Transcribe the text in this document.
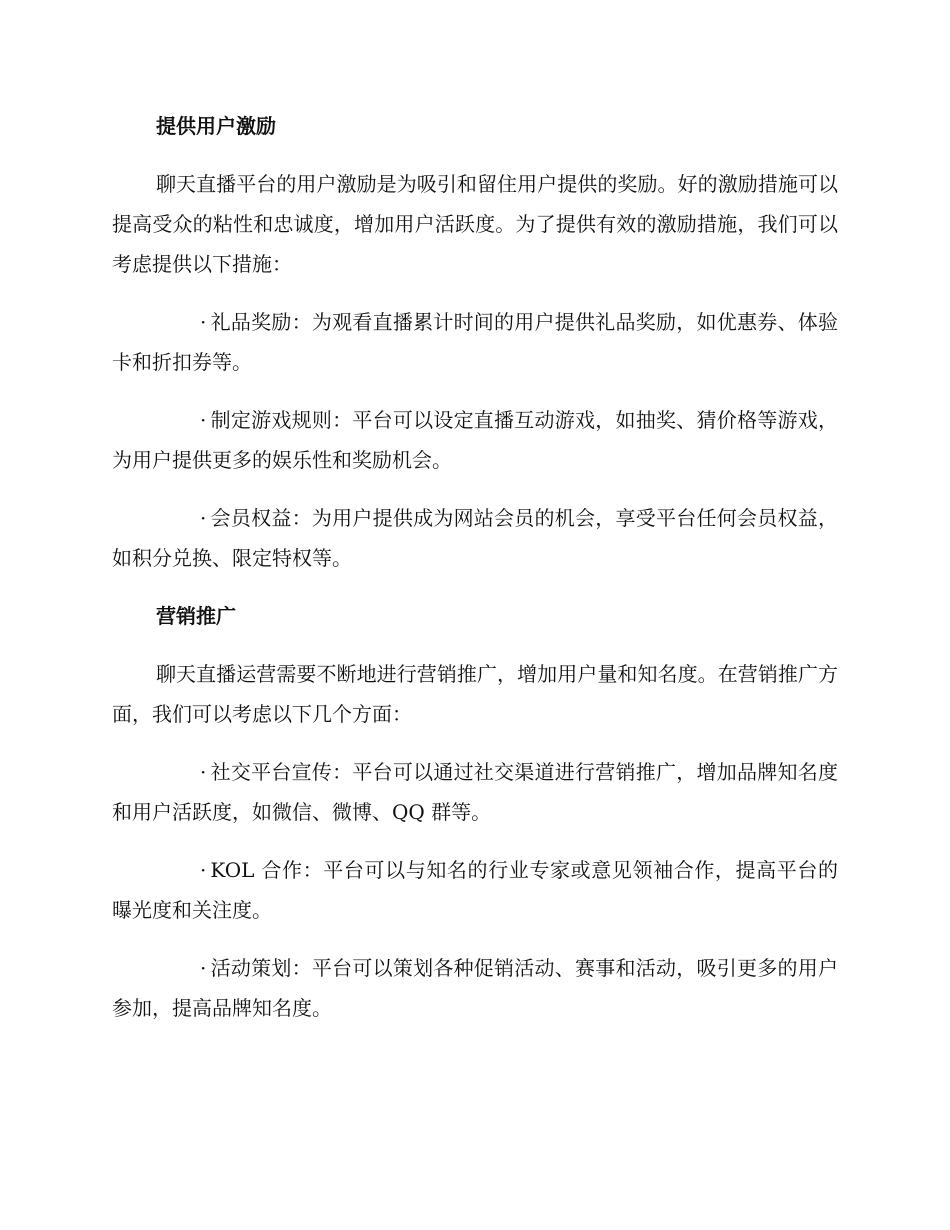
提供用户激励

聊天直播平台的用户激励是为吸引和留住用户提供的奖励。好的激励措施可以提高受众的粘性和忠诚度，增加用户活跃度。为了提供有效的激励措施，我们可以考虑提供以下措施：

· 礼品奖励：为观看直播累计时间的用户提供礼品奖励，如优惠券、体验卡和折扣券等。

· 制定游戏规则：平台可以设定直播互动游戏，如抽奖、猜价格等游戏，为用户提供更多的娱乐性和奖励机会。

· 会员权益：为用户提供成为网站会员的机会，享受平台任何会员权益，如积分兑换、限定特权等。

营销推广

聊天直播运营需要不断地进行营销推广，增加用户量和知名度。在营销推广方面，我们可以考虑以下几个方面：

· 社交平台宣传：平台可以通过社交渠道进行营销推广，增加品牌知名度和用户活跃度，如微信、微博、QQ 群等。

· KOL 合作：平台可以与知名的行业专家或意见领袖合作，提高平台的曝光度和关注度。

· 活动策划：平台可以策划各种促销活动、赛事和活动，吸引更多的用户参加，提高品牌知名度。
